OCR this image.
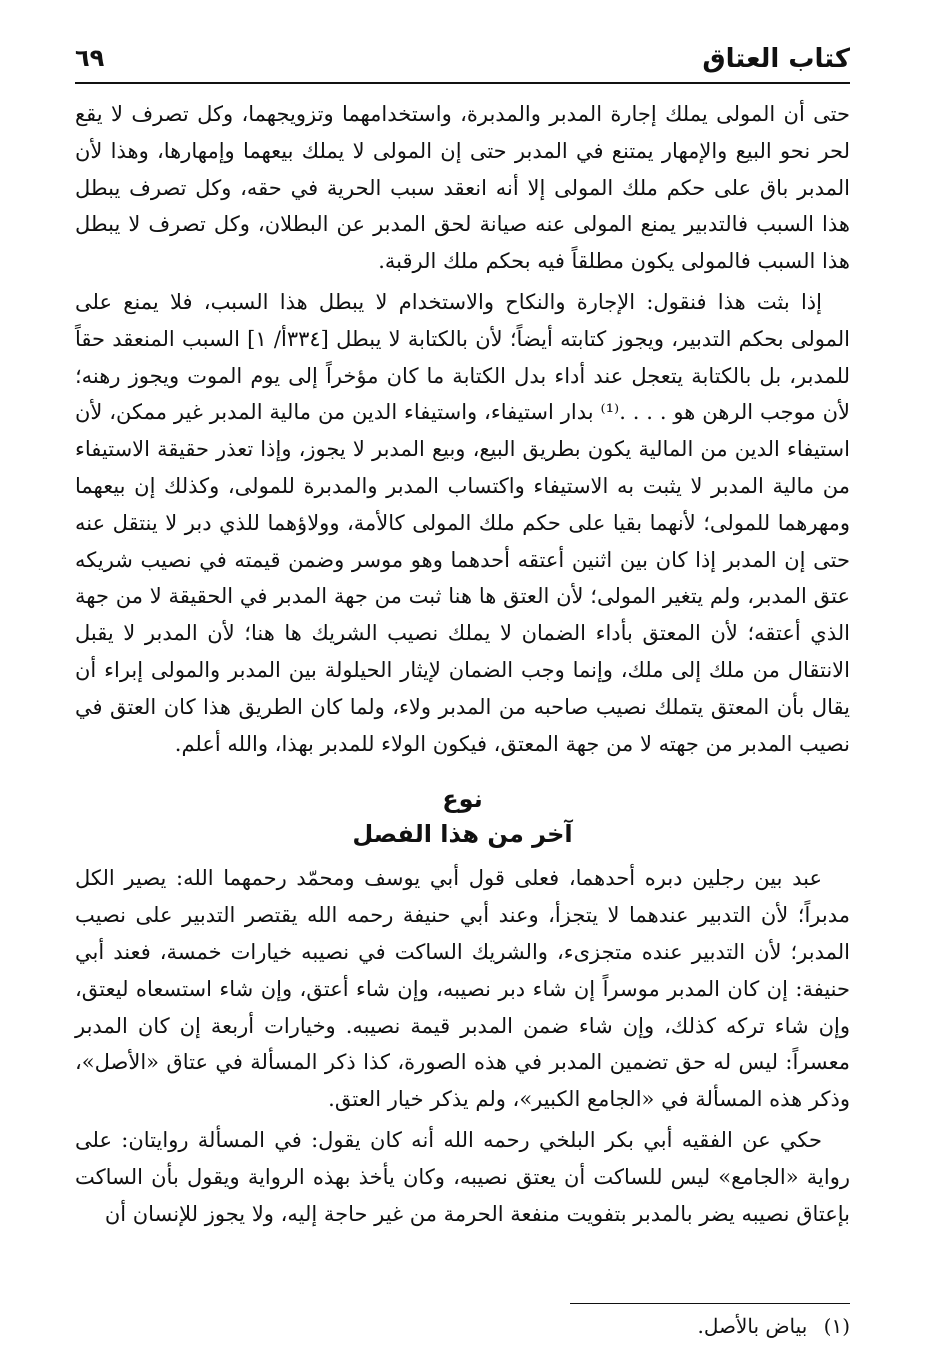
كتاب العتاق
٦٩

حتى أن المولى يملك إجارة المدبر والمدبرة، واستخدامهما وتزويجهما، وكل تصرف لا يقع لحر نحو البيع والإمهار يمتنع في المدبر حتى إن المولى لا يملك بيعهما وإمهارها، وهذا لأن المدبر باق على حكم ملك المولى إلا أنه انعقد سبب الحرية في حقه، وكل تصرف يبطل هذا السبب فالتدبير يمنع المولى عنه صيانة لحق المدبر عن البطلان، وكل تصرف لا يبطل هذا السبب فالمولى يكون مطلقاً فيه بحكم ملك الرقبة.

إذا بثت هذا فنقول: الإجارة والنكاح والاستخدام لا يبطل هذا السبب، فلا يمنع على المولى بحكم التدبير، ويجوز كتابته أيضاً؛ لأن بالكتابة لا يبطل [٣٣٤أ/ ١] السبب المنعقد حقاً للمدبر، بل بالكتابة يتعجل عند أداء بدل الكتابة ما كان مؤخراً إلى يوم الموت ويجوز رهنه؛ لأن موجب الرهن هو . . . .⁽¹⁾ بدار استيفاء، واستيفاء الدين من مالية المدبر غير ممكن، لأن استيفاء الدين من المالية يكون بطريق البيع، وبيع المدبر لا يجوز، وإذا تعذر حقيقة الاستيفاء من مالية المدبر لا يثبت به الاستيفاء واكتساب المدبر والمدبرة للمولى، وكذلك إن بيعهما ومهرهما للمولى؛ لأنهما بقيا على حكم ملك المولى كالأمة، وولاؤهما للذي دبر لا ينتقل عنه حتى إن المدبر إذا كان بين اثنين أعتقه أحدهما وهو موسر وضمن قيمته في نصيب شريكه عتق المدبر، ولم يتغير المولى؛ لأن العتق ها هنا ثبت من جهة المدبر في الحقيقة لا من جهة الذي أعتقه؛ لأن المعتق بأداء الضمان لا يملك نصيب الشريك ها هنا؛ لأن المدبر لا يقبل الانتقال من ملك إلى ملك، وإنما وجب الضمان لإيثار الحيلولة بين المدبر والمولى إبراء أن يقال بأن المعتق يتملك نصيب صاحبه من المدبر ولاء، ولما كان الطريق هذا كان العتق في نصيب المدبر من جهته لا من جهة المعتق، فيكون الولاء للمدبر بهذا، والله أعلم.

نوع
آخر من هذا الفصل

عبد بين رجلين دبره أحدهما، فعلى قول أبي يوسف ومحمّد رحمهما الله: يصير الكل مدبراً؛ لأن التدبير عندهما لا يتجزأ، وعند أبي حنيفة رحمه الله يقتصر التدبير على نصيب المدبر؛ لأن التدبير عنده متجزىء، والشريك الساكت في نصيبه خيارات خمسة، فعند أبي حنيفة: إن كان المدبر موسراً إن شاء دبر نصيبه، وإن شاء أعتق، وإن شاء استسعاه ليعتق، وإن شاء تركه كذلك، وإن شاء ضمن المدبر قيمة نصيبه. وخيارات أربعة إن كان المدبر معسراً: ليس له حق تضمين المدبر في هذه الصورة، كذا ذكر المسألة في عتاق «الأصل»، وذكر هذه المسألة في «الجامع الكبير»، ولم يذكر خيار العتق.

حكي عن الفقيه أبي بكر البلخي رحمه الله أنه كان يقول: في المسألة روايتان: على رواية «الجامع» ليس للساكت أن يعتق نصيبه، وكان يأخذ بهذه الرواية ويقول بأن الساكت بإعتاق نصيبه يضر بالمدبر بتفويت منفعة الحرمة من غير حاجة إليه، ولا يجوز للإنسان أن

(١) بياض بالأصل.
